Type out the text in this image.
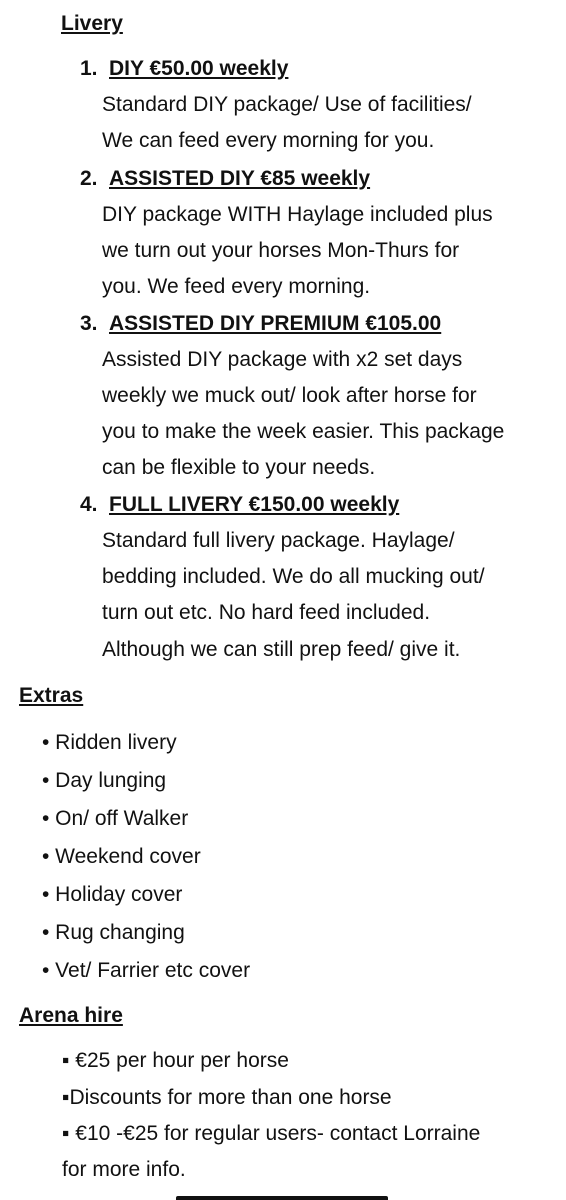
Livery
1. DIY €50.00 weekly
Standard DIY package/ Use of facilities/
We can feed every morning for you.
2. ASSISTED DIY €85 weekly
DIY package WITH Haylage included plus
we turn out your horses Mon-Thurs for
you. We feed every morning.
3. ASSISTED DIY PREMIUM €105.00
Assisted DIY package with x2 set days
weekly we muck out/ look after horse for
you to make the week easier. This package
can be flexible to your needs.
4. FULL LIVERY €150.00 weekly
Standard full livery package. Haylage/
bedding included. We do all mucking out/
turn out etc. No hard feed included.
Although we can still prep feed/ give it.
Extras
• Ridden livery
• Day lunging
• On/ off Walker
• Weekend cover
• Holiday cover
• Rug changing
• Vet/ Farrier etc cover
Arena hire
▪ €25 per hour per horse
▪Discounts for more than one horse
▪ €10 -€25 for regular users- contact Lorraine
for more info.
